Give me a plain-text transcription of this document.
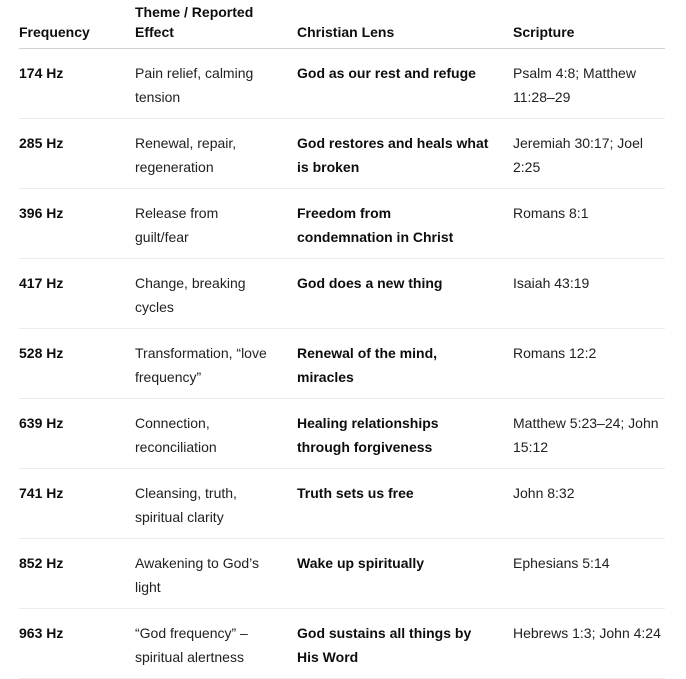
Frequency	Theme / Reported Effect	Christian Lens	Scripture
174 Hz	Pain relief, calming tension	God as our rest and refuge	Psalm 4:8; Matthew 11:28–29
285 Hz	Renewal, repair, regeneration	God restores and heals what is broken	Jeremiah 30:17; Joel 2:25
396 Hz	Release from guilt/fear	Freedom from condemnation in Christ	Romans 8:1
417 Hz	Change, breaking cycles	God does a new thing	Isaiah 43:19
528 Hz	Transformation, “love frequency”	Renewal of the mind, miracles	Romans 12:2
639 Hz	Connection, reconciliation	Healing relationships through forgiveness	Matthew 5:23–24; John 15:12
741 Hz	Cleansing, truth, spiritual clarity	Truth sets us free	John 8:32
852 Hz	Awakening to God’s light	Wake up spiritually	Ephesians 5:14
963 Hz	“God frequency” – spiritual alertness	God sustains all things by His Word	Hebrews 1:3; John 4:24
